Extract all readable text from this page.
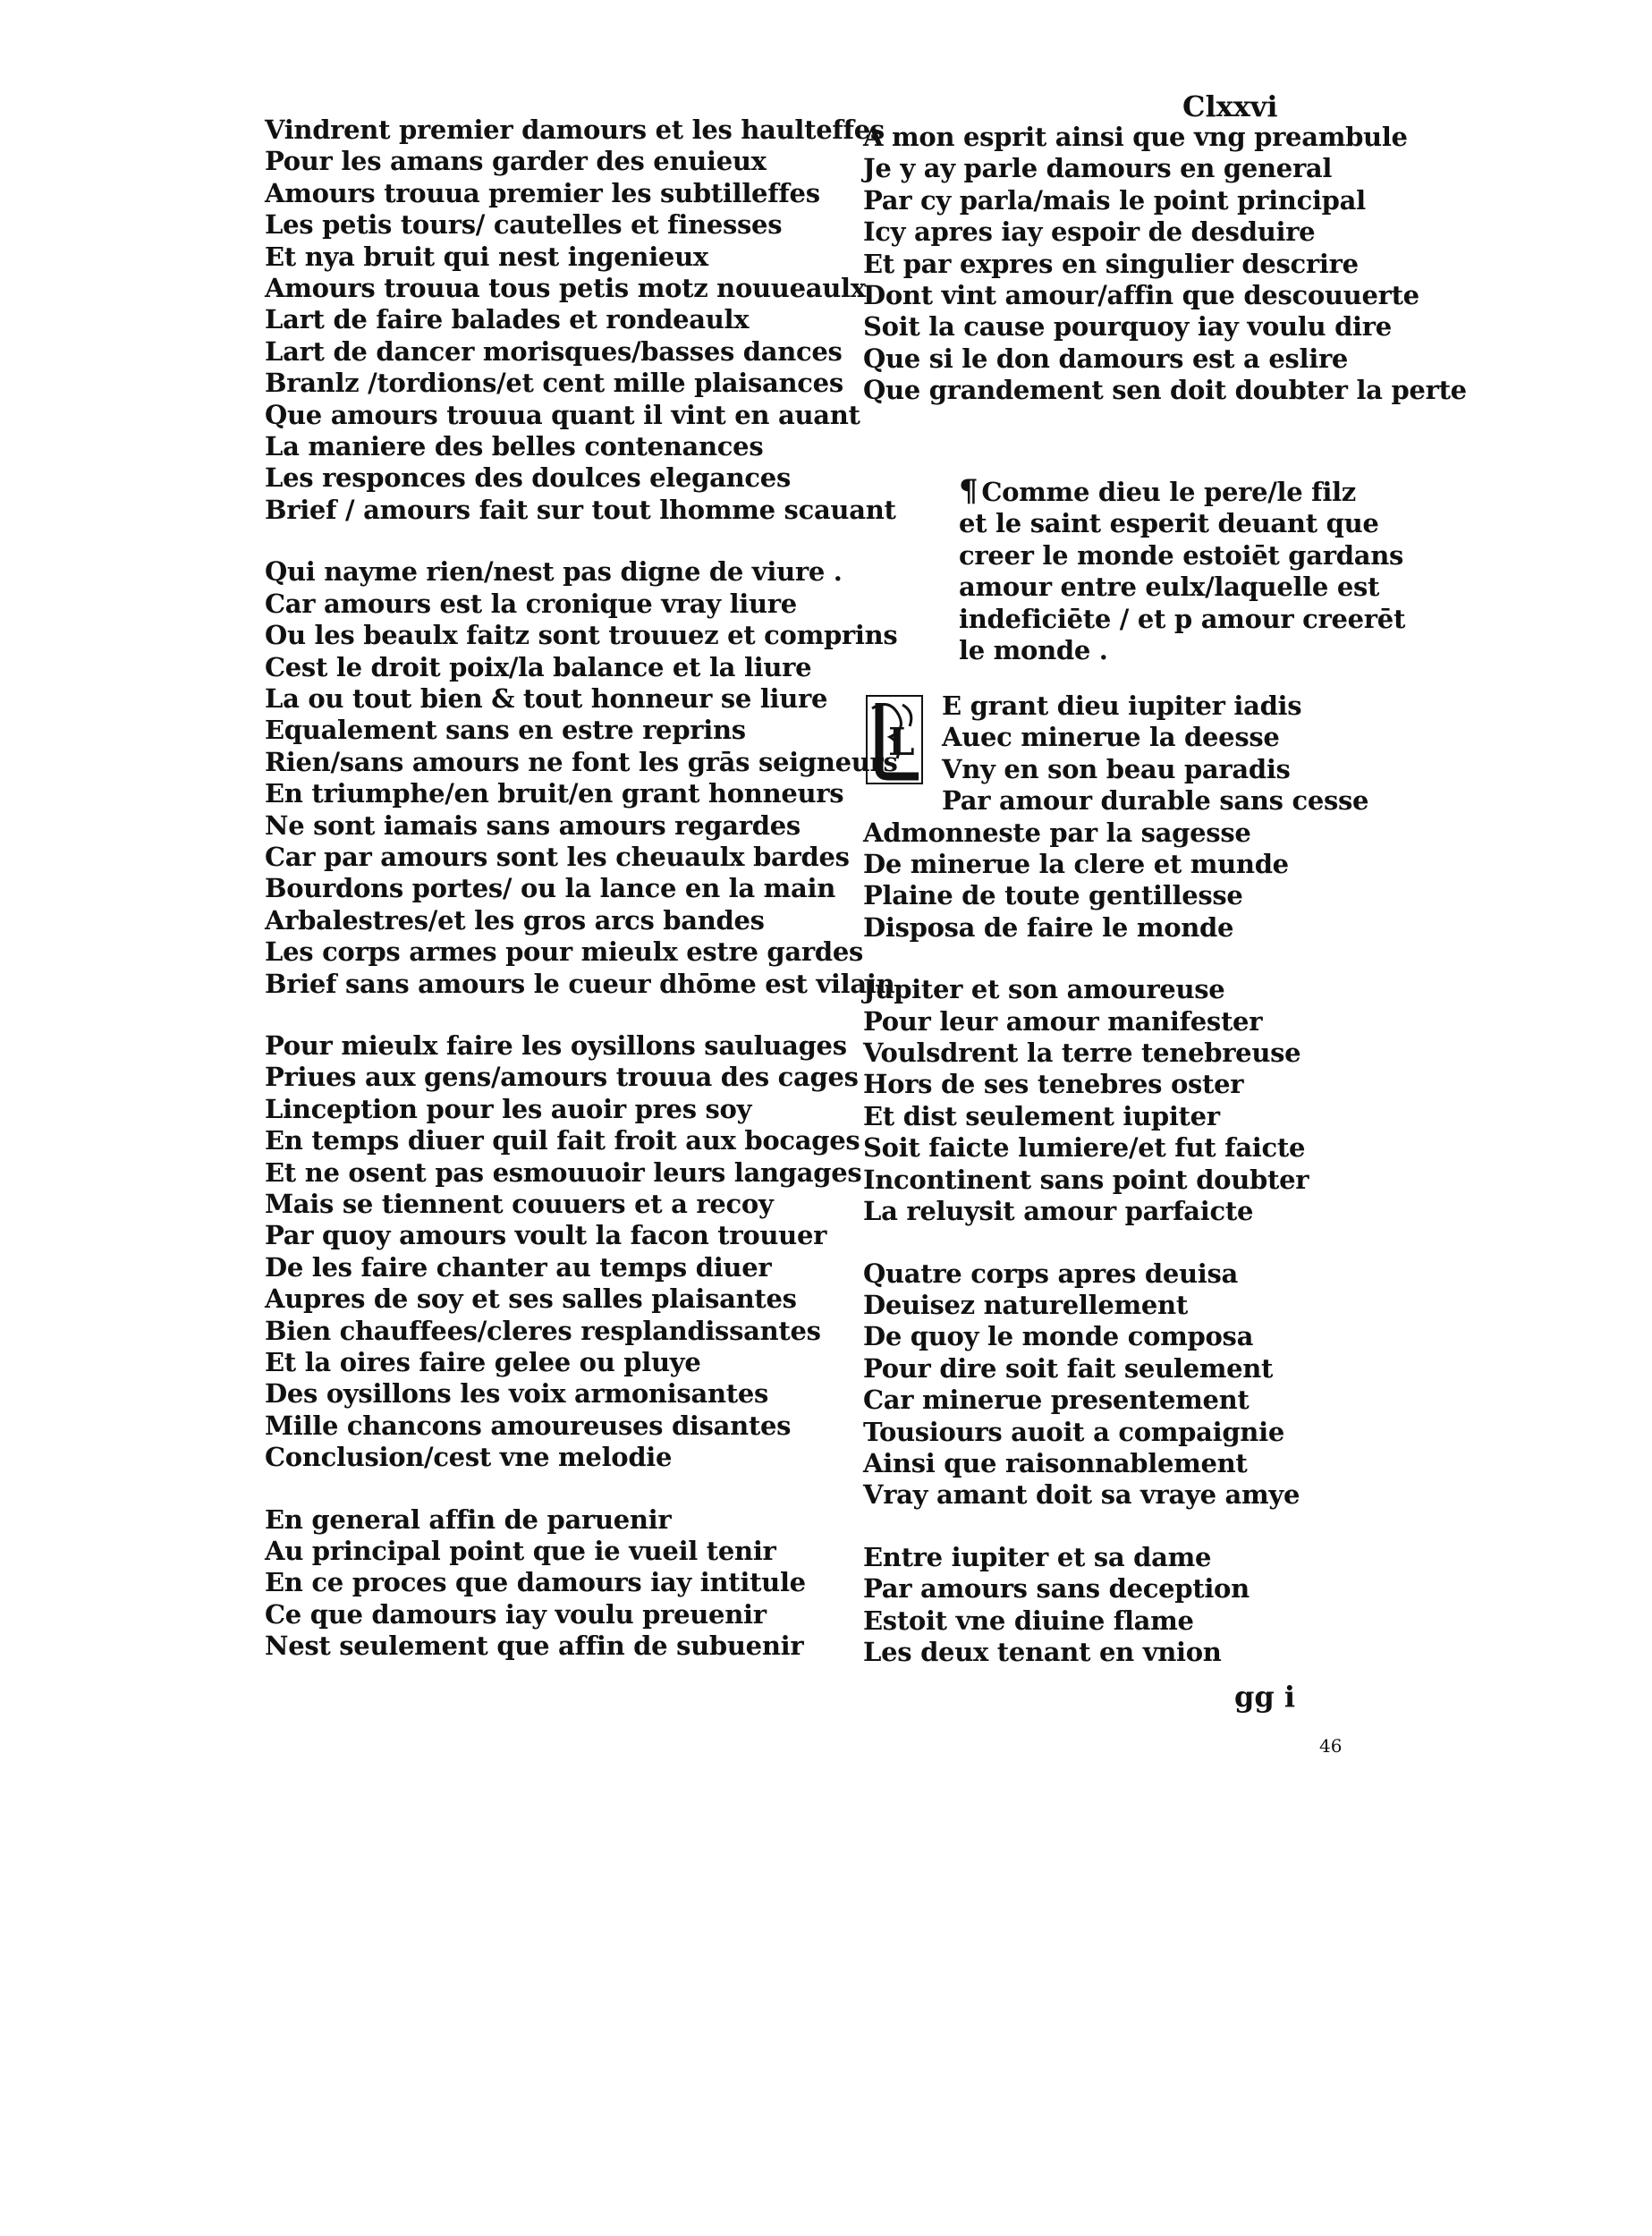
Clxxvi
Vindrent premier damours et les haulteffes
Pour les amans garder des enuieux
Amours trouua premier les subtilleffes
Les petis tours/ cautelles et finesses
Et nya bruit qui nest ingenieux
Amours trouua tous petis motz nouueaulx
Lart de faire balades et rondeaulx
Lart de dancer morisques/basses dances
Branlz /tordions/et cent mille plaisances
Que amours trouua quant il vint en auant
La maniere des belles contenances
Les responces des doulces elegances
Brief / amours fait sur tout lhomme scauant
Qui nayme rien/nest pas digne de viure .
Car amours est la cronique vray liure
Ou les beaulx faitz sont trouuez et comprins
Cest le droit poix/la balance et la liure
La ou tout bien & tout honneur se liure
Equalement sans en estre reprins
Rien/sans amours ne font les grās seigneurs
En triumphe/en bruit/en grant honneurs
Ne sont iamais sans amours regardes
Car par amours sont les cheuaulx bardes
Bourdons portes/ ou la lance en la main
Arbalestres/et les gros arcs bandes
Les corps armes pour mieulx estre gardes
Brief sans amours le cueur dhōme est vilain
Pour mieulx faire les oysillons sauluages
Priues aux gens/amours trouua des cages
Linception pour les auoir pres soy
En temps diuer quil fait froit aux bocages
Et ne osent pas esmouuoir leurs langages
Mais se tiennent couuers et a recoy
Par quoy amours voult la facon trouuer
De les faire chanter au temps diuer
Aupres de soy et ses salles plaisantes
Bien chauffees/cleres resplandissantes
Et la oires faire gelee ou pluye
Des oysillons les voix armonisantes
Mille chancons amoureuses disantes
Conclusion/cest vne melodie
En general affin de paruenir
Au principal point que ie vueil tenir
En ce proces que damours iay intitule
Ce que damours iay voulu preuenir
Nest seulement que affin de subuenir
A mon esprit ainsi que vng preambule
Je y ay parle damours en general
Par cy parla/mais le point principal
Icy apres iay espoir de desduire
Et par expres en singulier descrire
Dont vint amour/affin que descouuerte
Soit la cause pourquoy iay voulu dire
Que si le don damours est a eslire
Que grandement sen doit doubter la perte
¶ Comme dieu le pere/le filz
et le saint esperit deuant que
creer le monde estoiēt gardans
amour entre eulx/laquelle est
indeficiēte / et p amour creerēt
le monde .
L
E grant dieu iupiter iadis
Auec minerue la deesse
Vny en son beau paradis
Par amour durable sans cesse
Admonneste par la sagesse
De minerue la clere et munde
Plaine de toute gentillesse
Disposa de faire le monde
Jupiter et son amoureuse
Pour leur amour manifester
Voulsdrent la terre tenebreuse
Hors de ses tenebres oster
Et dist seulement iupiter
Soit faicte lumiere/et fut faicte
Incontinent sans point doubter
La reluysit amour parfaicte
Quatre corps apres deuisa
Deuisez naturellement
De quoy le monde composa
Pour dire soit fait seulement
Car minerue presentement
Tousiours auoit a compaignie
Ainsi que raisonnablement
Vray amant doit sa vraye amye
Entre iupiter et sa dame
Par amours sans deception
Estoit vne diuine flame
Les deux tenant en vnion
gg i
46
